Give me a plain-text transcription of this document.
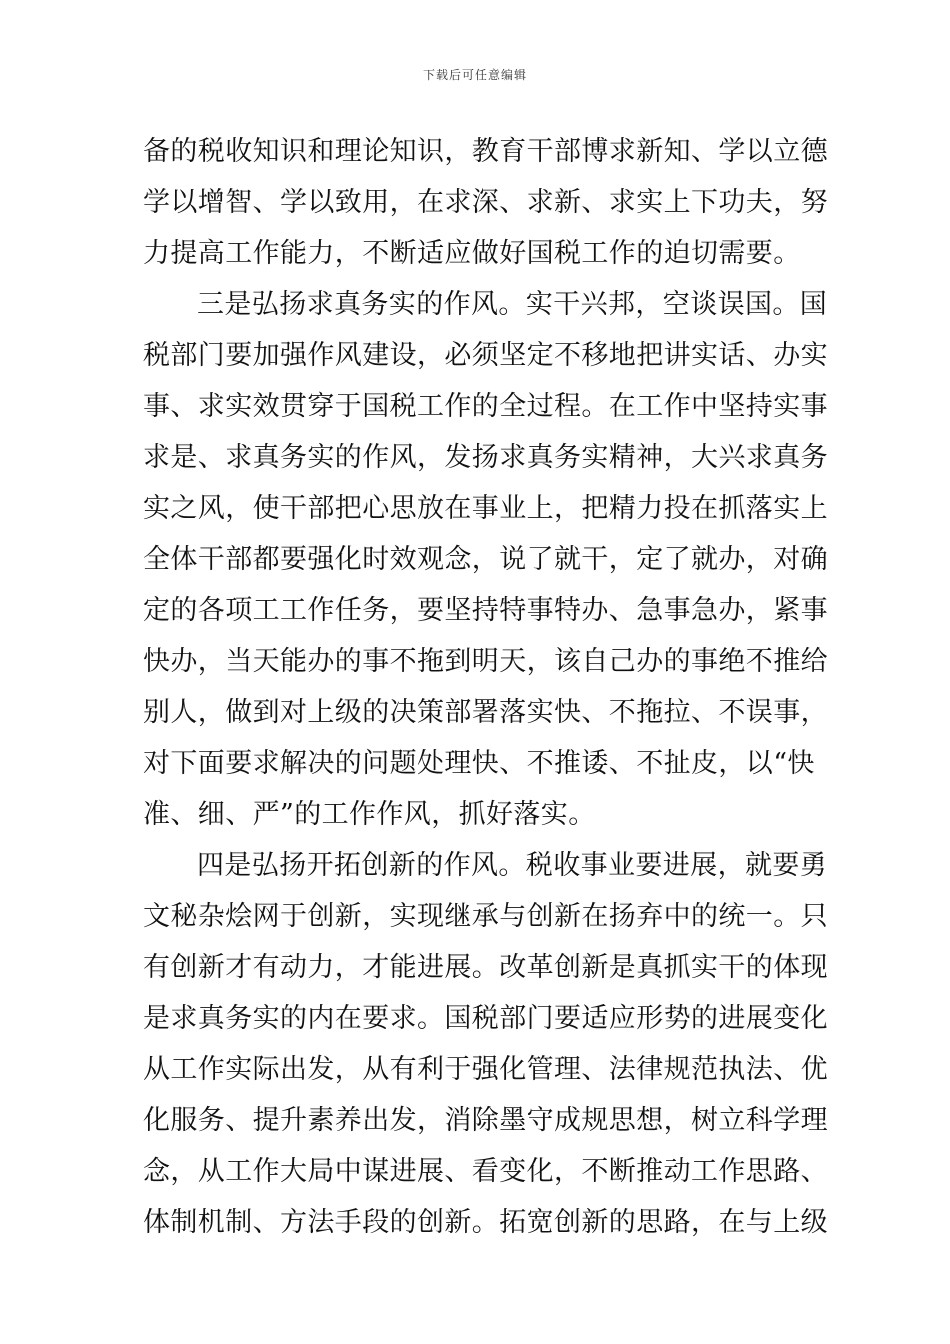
下载后可任意编辑
备的税收知识和理论知识，教育干部博求新知、学以立德
学以增智、学以致用，在求深、求新、求实上下功夫，努
力提高工作能力，不断适应做好国税工作的迫切需要。
三是弘扬求真务实的作风。实干兴邦，空谈误国。国
税部门要加强作风建设，必须坚定不移地把讲实话、办实
事、求实效贯穿于国税工作的全过程。在工作中坚持实事
求是、求真务实的作风，发扬求真务实精神，大兴求真务
实之风，使干部把心思放在事业上，把精力投在抓落实上
全体干部都要强化时效观念，说了就干，定了就办，对确
定的各项工工作任务，要坚持特事特办、急事急办，紧事
快办，当天能办的事不拖到明天，该自己办的事绝不推给
别人，做到对上级的决策部署落实快、不拖拉、不误事，
对下面要求解决的问题处理快、不推诿、不扯皮，以“快
准、细、严”的工作作风，抓好落实。
四是弘扬开拓创新的作风。税收事业要进展，就要勇
文秘杂烩网于创新，实现继承与创新在扬弃中的统一。只
有创新才有动力，才能进展。改革创新是真抓实干的体现
是求真务实的内在要求。国税部门要适应形势的进展变化
从工作实际出发，从有利于强化管理、法律规范执法、优
化服务、提升素养出发，消除墨守成规思想，树立科学理
念，从工作大局中谋进展、看变化，不断推动工作思路、
体制机制、方法手段的创新。拓宽创新的思路，在与上级
